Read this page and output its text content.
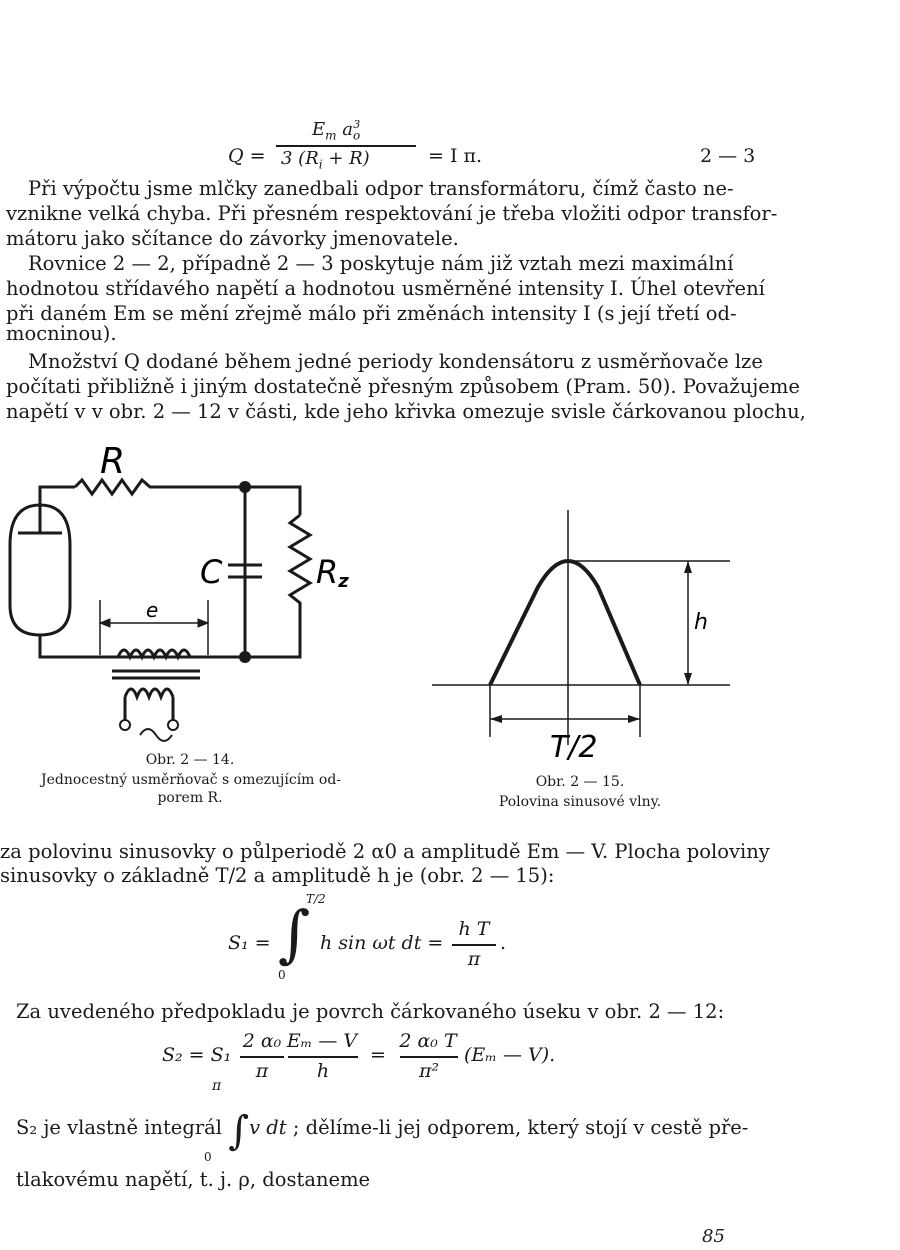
Q =
$E_m$ $a_o^3$
3 $(R_i + R)$	= I π.	2 — 3
Při výpočtu jsme mlčky zanedbali odpor transformátoru, čímž často ne-
vznikne velká chyba. Při přesném respektování je třeba vložiti odpor transfor-
mátoru jako sčítance do závorky jmenovatele.
Rovnice 2 — 2, případně 2 — 3 poskytuje nám již vztah mezi maximální
hodnotou střídavého napětí a hodnotou usměrněné intensity I. Úhel otevření
při daném Em se mění zřejmě málo při změnách intensity I (s její třetí od-
mocninou).
Množství Q dodané během jedné periody kondensátoru z usměrňovače lze
počítati přibližně i jiným dostatečně přesným způsobem (Pram. 50). Považujeme
napětí v v obr. 2 — 12 v části, kde jeho křivka omezuje svisle čárkovanou plochu,
R
C	Rz
e
Obr. 2 — 14.
Jednocestný usměrňovač s omezujícím od-
porem R.
h
T/2
Obr. 2 — 15.
Polovina sinusové vlny.
za polovinu sinusovky o půlperiodě 2 α0 a amplitudě Em — V. Plocha poloviny
sinusovky o základně T/2 a amplitudě h je (obr. 2 — 15):
S₁ = ∫
T/2
0
h sin ωt dt =
h T
π
.
Za uvedeného předpokladu je povrch čárkovaného úseku v obr. 2 — 12:
S₂ = S₁
2 α₀
π
Eₘ — V
h
=
2 α₀ T
π²
(Eₘ — V).
π
S₂ je vlastně integrál ∫v dt ; dělíme-li jej odporem, který stojí v cestě pře-
0
tlakovému napětí, t. j. ρ, dostaneme
85
